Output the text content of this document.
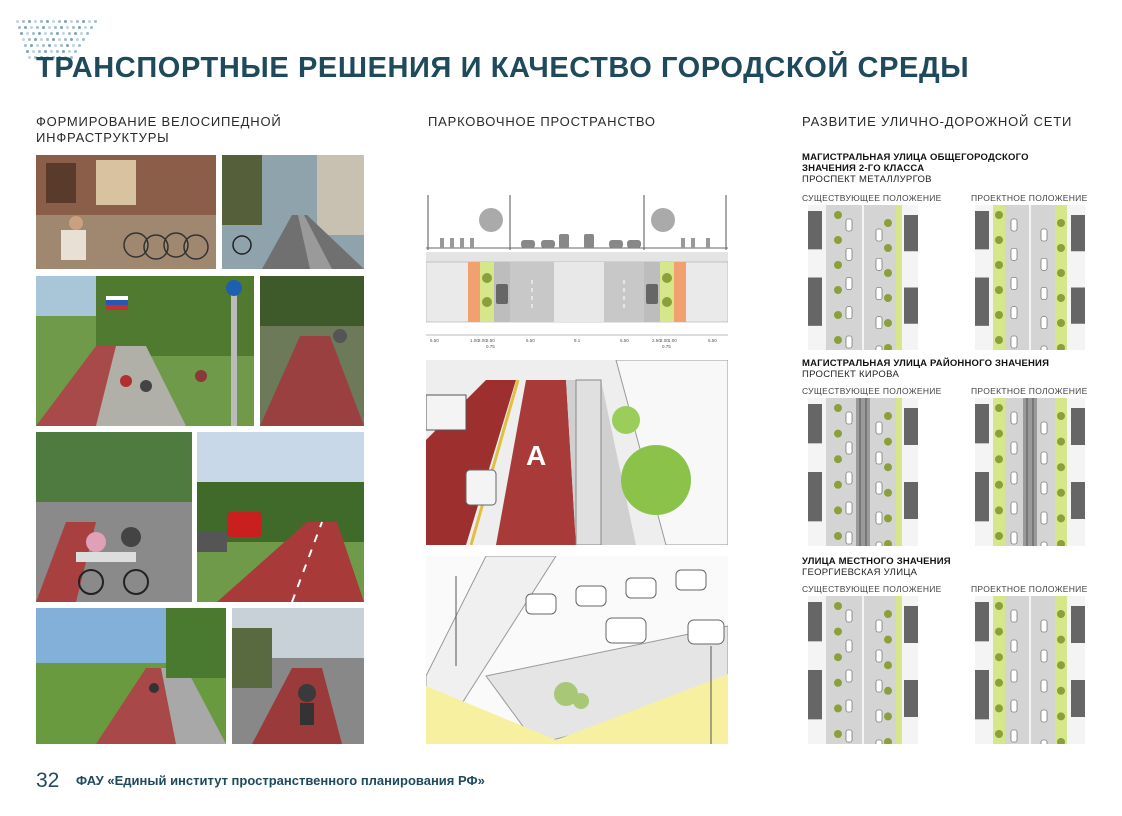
ТРАНСПОРТНЫЕ РЕШЕНИЯ И КАЧЕСТВО ГОРОДСКОЙ СРЕДЫ
ФОРМИРОВАНИЕ ВЕЛОСИПЕДНОЙ ИНФРАСТРУКТУРЫ
ПАРКОВОЧНОЕ ПРОСТРАНСТВО	РАЗВИТИЕ УЛИЧНО-ДОРОЖНОЙ СЕТИ
6.50	1.00 2.00 2.50	6.50	8.1	6.50	2.50 2.00 1.00	6.50
0.75	0.75
A
МАГИСТРАЛЬНАЯ УЛИЦА ОБЩЕГОРОДСКОГО ЗНАЧЕНИЯ 2-ГО КЛАССА
ПРОСПЕКТ МЕТАЛЛУРГОВ
СУЩЕСТВУЮЩЕЕ ПОЛОЖЕНИЕ	ПРОЕКТНОЕ ПОЛОЖЕНИЕ
МАГИСТРАЛЬНАЯ УЛИЦА РАЙОННОГО ЗНАЧЕНИЯ
ПРОСПЕКТ КИРОВА
СУЩЕСТВУЮЩЕЕ ПОЛОЖЕНИЕ	ПРОЕКТНОЕ ПОЛОЖЕНИЕ
УЛИЦА МЕСТНОГО ЗНАЧЕНИЯ
ГЕОРГИЕВСКАЯ УЛИЦА
СУЩЕСТВУЮЩЕЕ ПОЛОЖЕНИЕ	ПРОЕКТНОЕ ПОЛОЖЕНИЕ
32 ФАУ «Единый институт пространственного планирования РФ»
